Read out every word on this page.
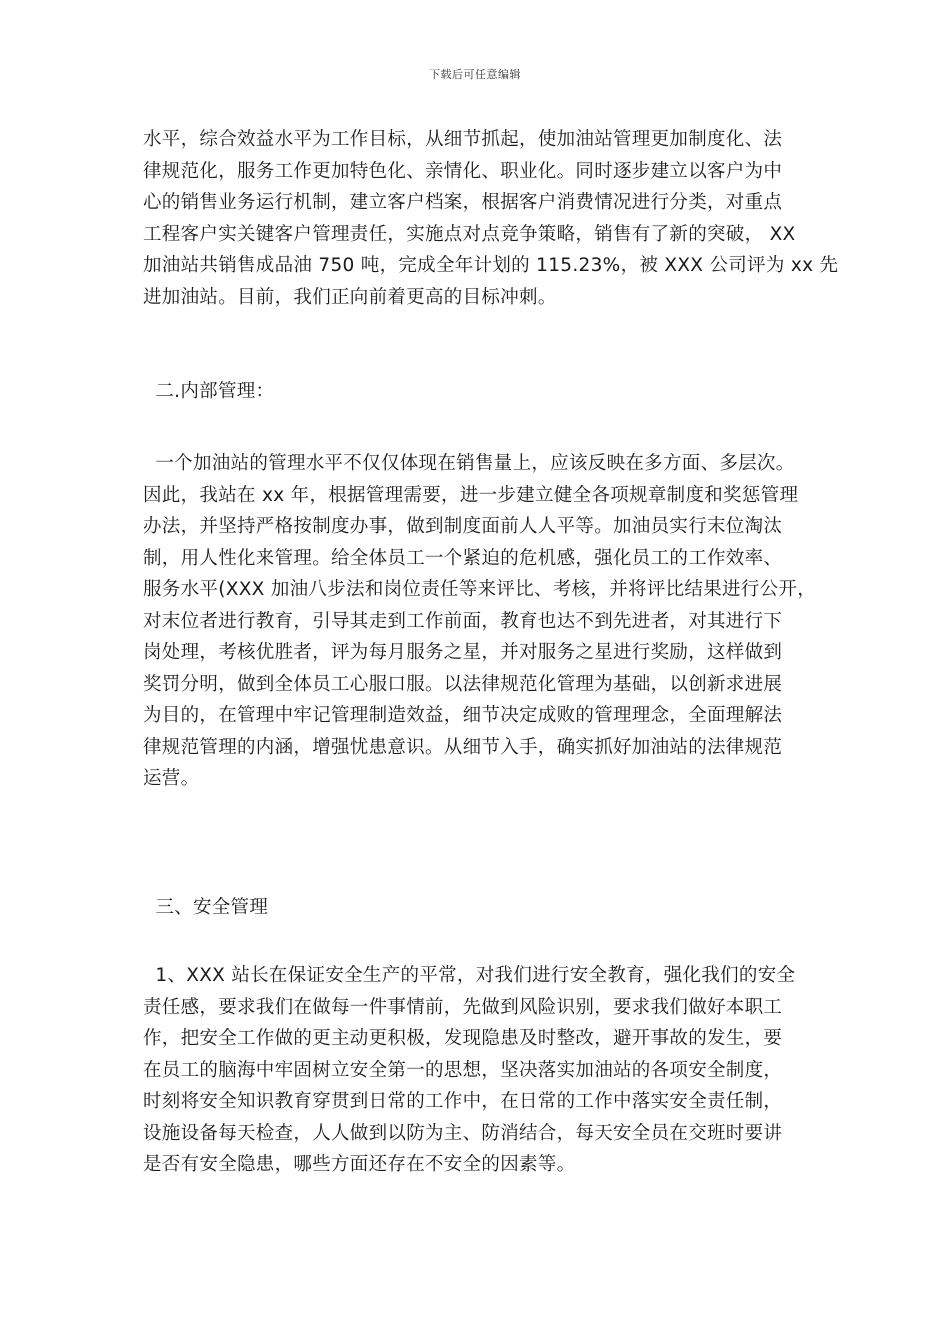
下载后可任意编辑
水平，综合效益水平为工作目标，从细节抓起，使加油站管理更加制度化、法
律规范化，服务工作更加特色化、亲情化、职业化。同时逐步建立以客户为中
心的销售业务运行机制，建立客户档案，根据客户消费情况进行分类，对重点
工程客户实关键客户管理责任，实施点对点竞争策略，销售有了新的突破， XX
加油站共销售成品油 750 吨，完成全年计划的 115.23%，被 XXX 公司评为 xx 先
进加油站。目前，我们正向前着更高的目标冲刺。
二.内部管理：
一个加油站的管理水平不仅仅体现在销售量上，应该反映在多方面、多层次。
因此，我站在 xx 年，根据管理需要，进一步建立健全各项规章制度和奖惩管理
办法，并坚持严格按制度办事，做到制度面前人人平等。加油员实行末位淘汰
制，用人性化来管理。给全体员工一个紧迫的危机感，强化员工的工作效率、
服务水平(XXX 加油八步法和岗位责任等来评比、考核，并将评比结果进行公开，
对末位者进行教育，引导其走到工作前面，教育也达不到先进者，对其进行下
岗处理，考核优胜者，评为每月服务之星，并对服务之星进行奖励，这样做到
奖罚分明，做到全体员工心服口服。以法律规范化管理为基础，以创新求进展
为目的，在管理中牢记管理制造效益，细节决定成败的管理理念，全面理解法
律规范管理的内涵，增强忧患意识。从细节入手，确实抓好加油站的法律规范
运营。
三、安全管理
1、XXX 站长在保证安全生产的平常，对我们进行安全教育，强化我们的安全
责任感，要求我们在做每一件事情前，先做到风险识别，要求我们做好本职工
作，把安全工作做的更主动更积极，发现隐患及时整改，避开事故的发生，要
在员工的脑海中牢固树立安全第一的思想，坚决落实加油站的各项安全制度，
时刻将安全知识教育穿贯到日常的工作中，在日常的工作中落实安全责任制，
设施设备每天检查，人人做到以防为主、防消结合，每天安全员在交班时要讲
是否有安全隐患，哪些方面还存在不安全的因素等。
